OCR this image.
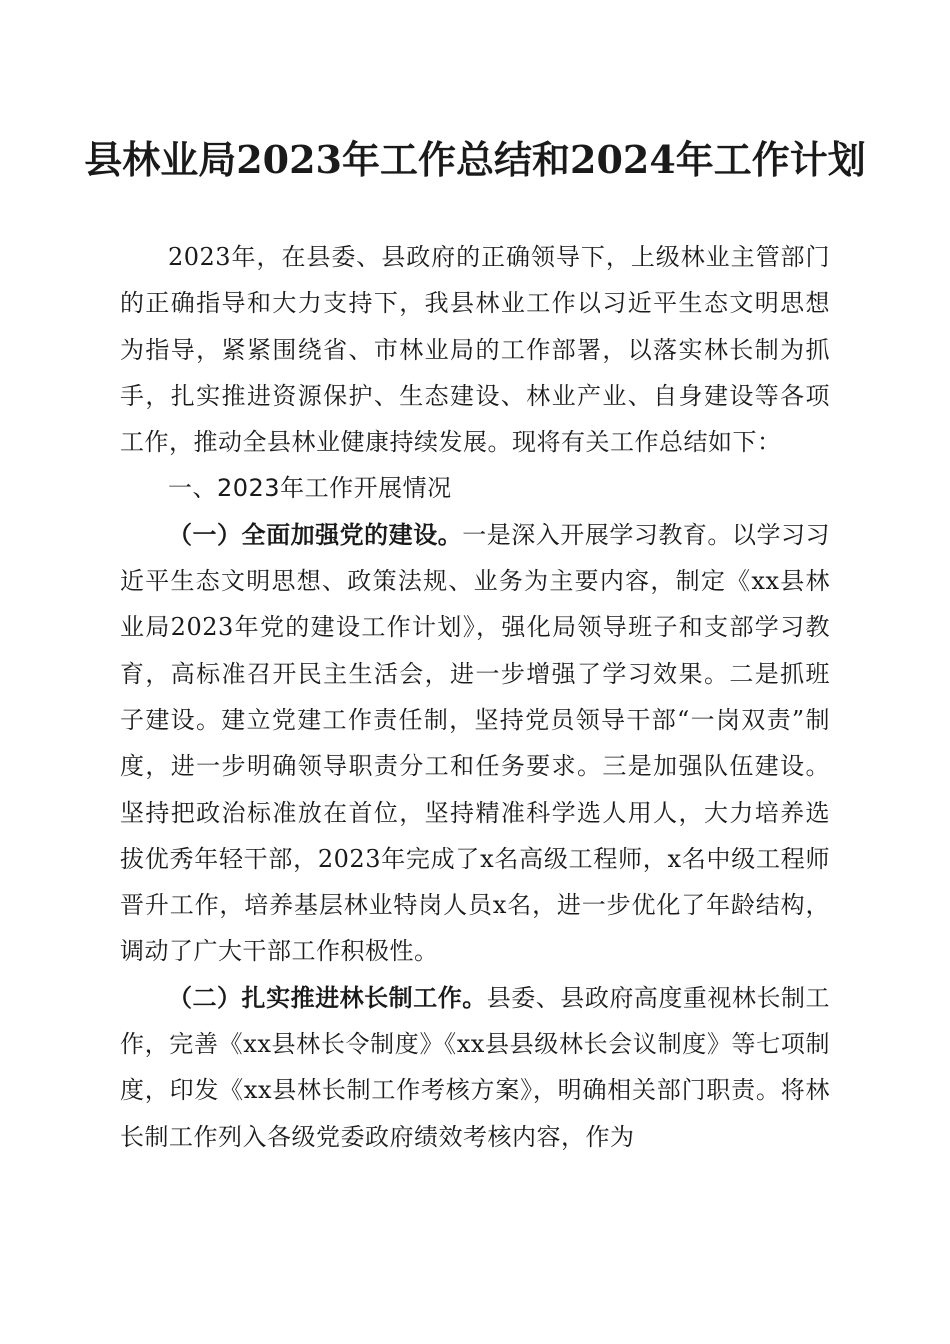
县林业局2023年工作总结和2024年工作计划

2023年，在县委、县政府的正确领导下，上级林业主管部门的正确指导和大力支持下，我县林业工作以习近平生态文明思想为指导，紧紧围绕省、市林业局的工作部署，以落实林长制为抓手，扎实推进资源保护、生态建设、林业产业、自身建设等各项工作，推动全县林业健康持续发展。现将有关工作总结如下：

一、2023年工作开展情况

（一）全面加强党的建设。一是深入开展学习教育。以学习习近平生态文明思想、政策法规、业务为主要内容，制定《xx县林业局2023年党的建设工作计划》，强化局领导班子和支部学习教育，高标准召开民主生活会，进一步增强了学习效果。二是抓班子建设。建立党建工作责任制，坚持党员领导干部“一岗双责”制度，进一步明确领导职责分工和任务要求。三是加强队伍建设。坚持把政治标准放在首位，坚持精准科学选人用人，大力培养选拔优秀年轻干部，2023年完成了x名高级工程师，x名中级工程师晋升工作，培养基层林业特岗人员x名，进一步优化了年龄结构，调动了广大干部工作积极性。

（二）扎实推进林长制工作。县委、县政府高度重视林长制工作，完善《xx县林长令制度》《xx县县级林长会议制度》等七项制度，印发《xx县林长制工作考核方案》，明确相关部门职责。将林长制工作列入各级党委政府绩效考核内容，作为
